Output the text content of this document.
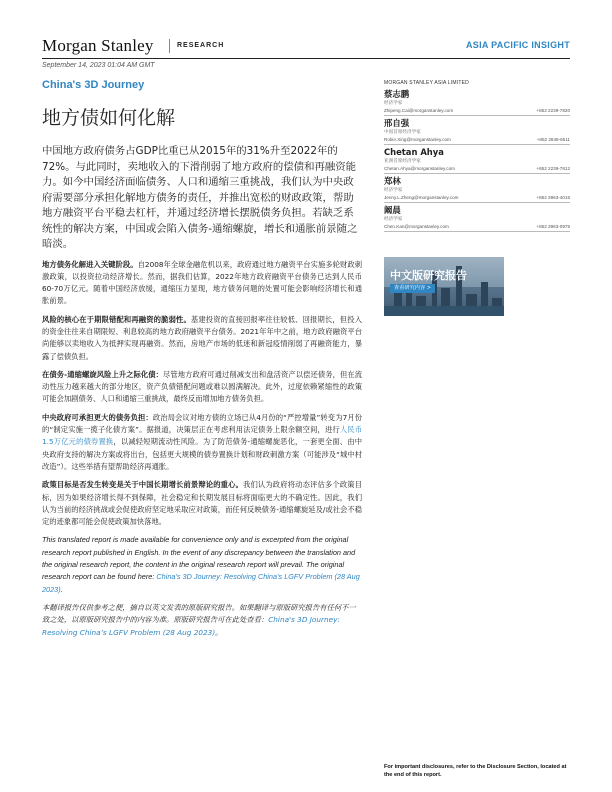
Morgan Stanley	RESEARCH	ASIA PACIFIC INSIGHT
September 14, 2023 01:04 AM GMT
China's 3D Journey
地方债如何化解

中国地方政府债务占GDP比重已从2015年的31%升至2022年的72%。与此同时，卖地收入的下滑削弱了地方政府的偿债和再融资能力。如今中国经济面临债务、人口和通缩三重挑战，我们认为中央政府需要部分承担化解地方债务的责任，并推出宽松的财政政策，帮助地方融资平台平稳去杠杆，并通过经济增长摆脱债务负担。若缺乏系统性的解决方案，中国或会陷入债务-通缩螺旋，增长和通胀前景随之暗淡。

地方债务化解进入关键阶段。自2008年全球金融危机以来，政府通过地方融资平台实施多轮财政刺激政策，以投资拉动经济增长。然而，据我们估算，2022年地方政府融资平台债务已达到人民币60-70万亿元。随着中国经济放缓，通缩压力显现，地方债务问题的处置可能会影响经济增长和通胀前景。

风险的核心在于期限错配和再融资的脆弱性。基建投资的直接回报率往往较低、回报期长，但投入的资金往往来自期限短、利息较高的地方政府融资平台债务。2021年年中之前，地方政府融资平台尚能够以卖地收入为抵押实现再融资。然而，房地产市场的低迷和新冠疫情削弱了再融资能力，暴露了偿债负担。

在债务-通缩螺旋风险上升之际化债：尽管地方政府可通过削减支出和盘活资产以偿还债务，但在流动性压力越来越大的部分地区，资产负债错配问题或难以圆满解决。此外，过度依赖紧缩性的政策可能会加剧债务、人口和通缩三重挑战，最终反而增加地方债务负担。

中央政府可承担更大的债务负担：政治局会议对地方债的立场已从4月份的“严控增量”转变为7月份的“制定实施一揽子化债方案”。据报道，决策层正在考虑利用法定债务上限余额空间，进行人民币1.5万亿元的债券置换，以减轻短期流动性风险。为了防范债务-通缩螺旋恶化，一套更全面、由中央政府支持的解决方案或将出台，包括更大规模的债券置换计划和财政刺激方案（可能涉及“城中村改造”）。这些举措有望帮助经济再通胀。

政策目标是否发生转变是关于中国长期增长前景辩论的重心。我们认为政府将动态评估多个政策目标，因为如果经济增长得不到保障，社会稳定和长期发展目标将面临更大的不确定性。因此，我们认为当前的经济挑战或会促使政府坚定地采取应对政策，而任何反映债务-通缩螺旋延及/或社会不稳定的迹象都可能会促使政策加快落地。

This translated report is made available for convenience only and is excerpted from the original research report published in English. In the event of any discrepancy between the translation and the original research report, the content in the original research report will prevail. The original research report can be found here: China's 3D Journey: Resolving China’s LGFV Problem (28 Aug 2023).

本翻译报告仅供参考之便，摘自以英文发表的原版研究报告。如果翻译与原版研究报告有任何不一致之处，以原版研究报告中的内容为准。原版研究报告可在此处查看：China's 3D Journey: Resolving China’s LGFV Problem (28 Aug 2023)。

MORGAN STANLEY ASIA LIMITED
蔡志鹏
经济学家
Zhipeng.Cai@morganstanley.com	+852 2239-7820
邢自强
中国首席经济学家
Robin.Xing@morganstanley.com	+852 2848-6511
Chetan Ahya
亚洲首席经济学家
Chetan.Ahya@morganstanley.com	+852 2239-7812
郑林
经济学家
Jenny.L.Zheng@morganstanley.com	+852 3963-4015
阚晨
经济学家
Chen.Kan@morganstanley.com	+852 3963-0975
中文版研究报告
查看研究内容 >
For important disclosures, refer to the Disclosure Section, located at the end of this report.
